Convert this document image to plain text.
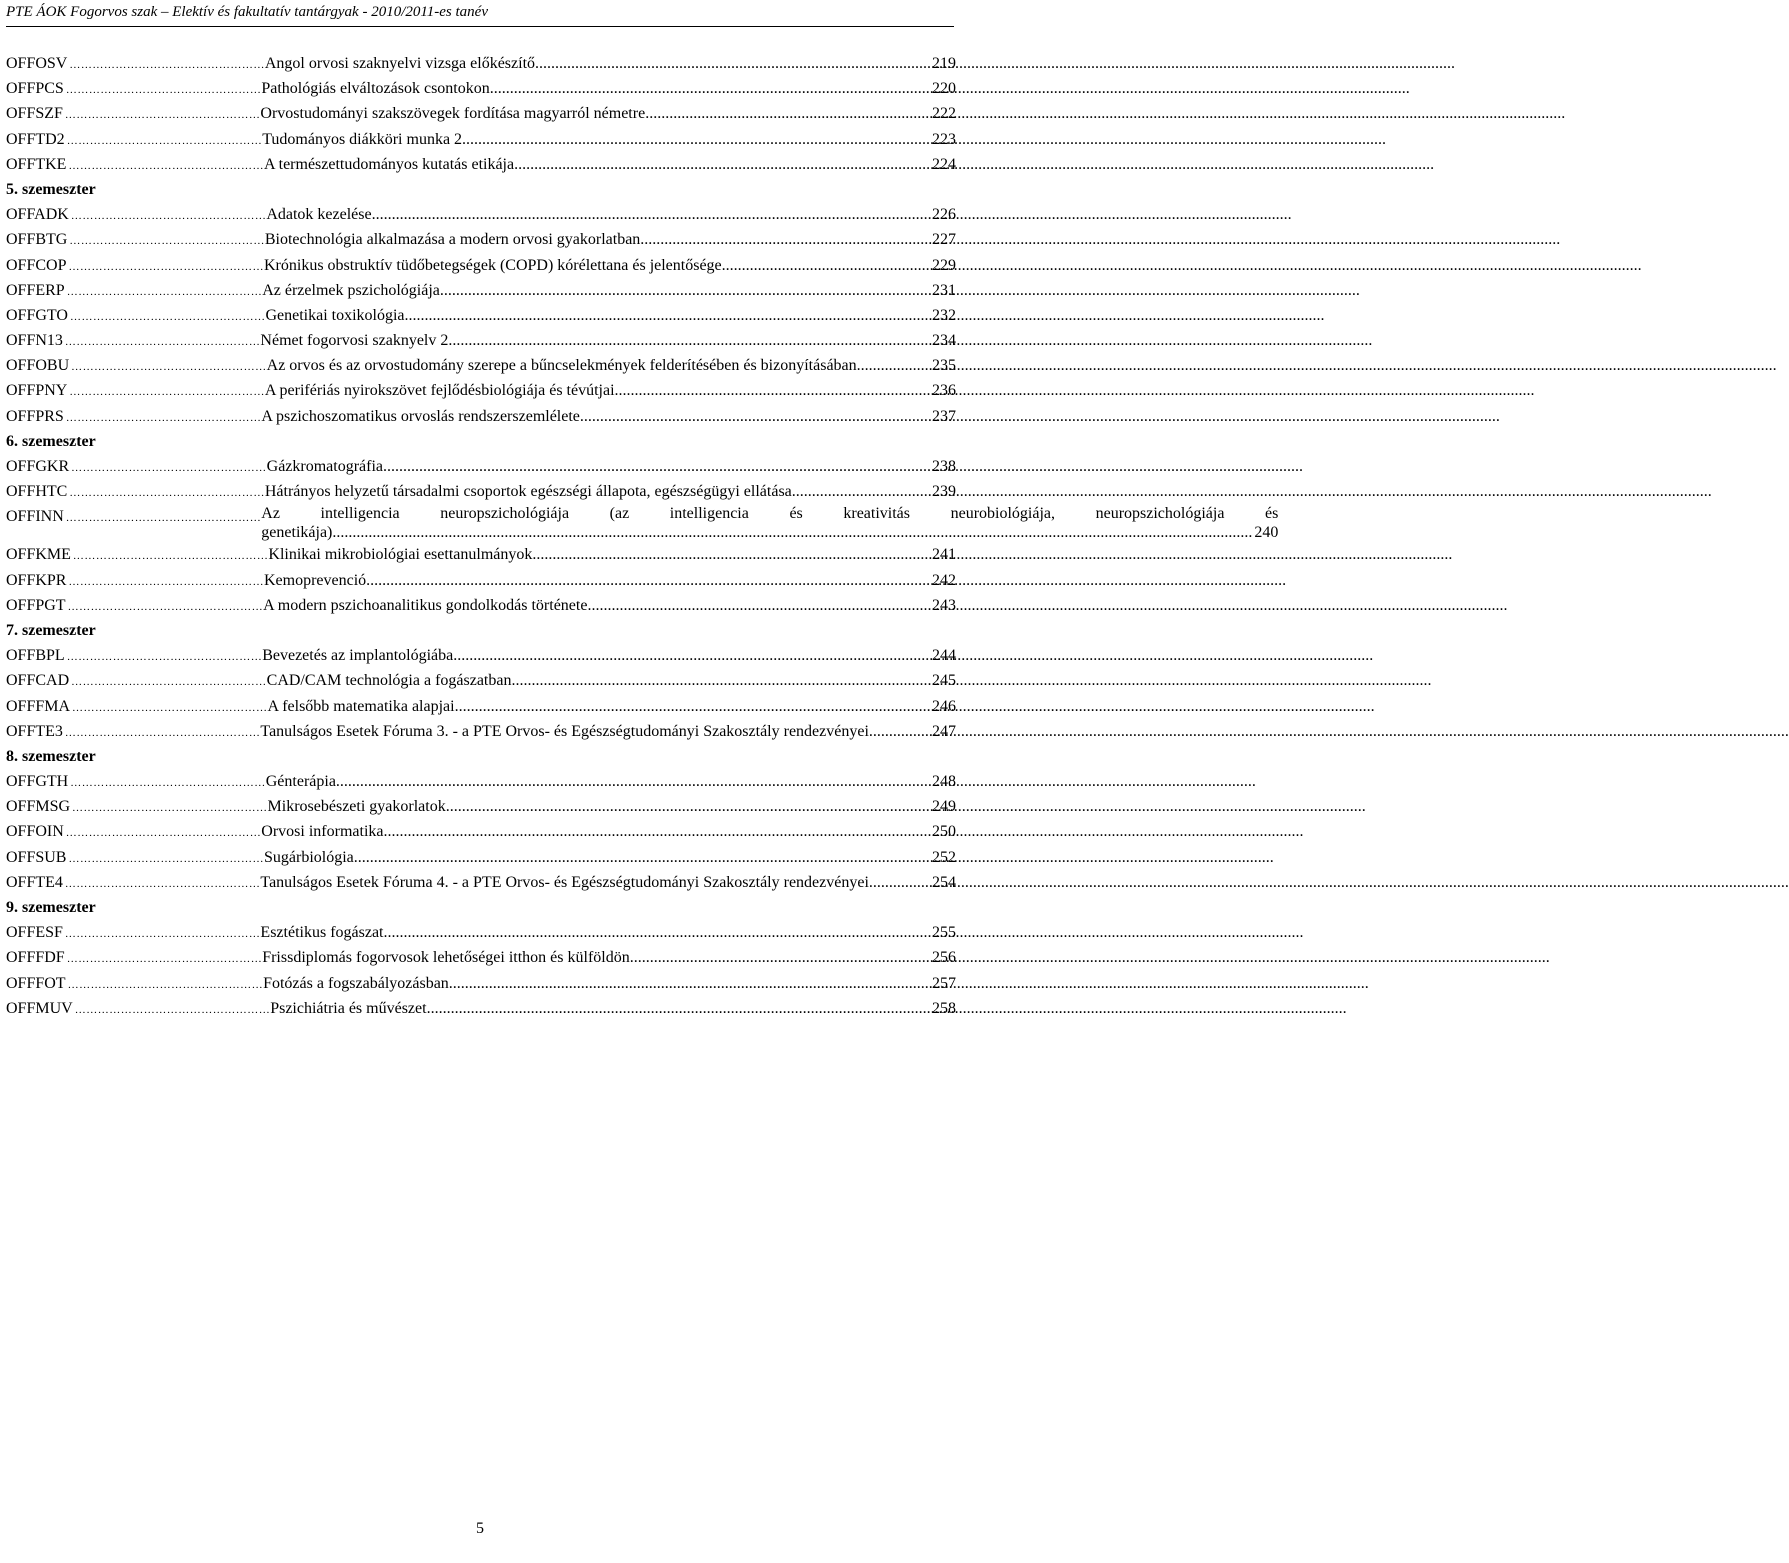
PTE ÁOK Fogorvos szak – Elektív és fakultatív tantárgyak - 2010/2011-es tanév
OFFOSV ……………………………………………	Angol orvosi szaknyelvi vizsga előkészítő .....	219
OFFPCS ……………………………………………	Pathológiás elváltozások csontokon .....	220
OFFSZF ……………………………………………	Orvostudományi szakszövegek fordítása magyarról németre .....	222
OFFTD2 ……………………………………………	Tudományos diákköri munka 2. .....	223
OFFTKE ……………………………………………	A természettudományos kutatás etikája .....	224
5. szemeszter
OFFADK ……………………………………………	Adatok kezelése .....	226
OFFBTG ……………………………………………	Biotechnológia alkalmazása a modern orvosi gyakorlatban .....	227
OFFCOP ……………………………………………	Krónikus obstruktív tüdőbetegségek (COPD) kórélettana és jelentősége .....	229
OFFERP ……………………………………………	Az érzelmek pszichológiája .....	231
OFFGTO ……………………………………………	Genetikai toxikológia .....	232
OFFN13 ……………………………………………	Német fogorvosi szaknyelv 2. .....	234
OFFOBU ……………………………………………	Az orvos és az orvostudomány szerepe a bűncselekmények felderítésében és bizonyításában .....	235
OFFPNY ……………………………………………	A perifériás nyirokszövet fejlődésbiológiája és tévútjai .....	236
OFFPRS ……………………………………………	A pszichoszomatikus orvoslás rendszerszemlélete .....	237
6. szemeszter
OFFGKR ……………………………………………	Gázkromatográfia .....	238
OFFHTC ……………………………………………	Hátrányos helyzetű társadalmi csoportok egészségi állapota, egészségügyi ellátása .....	239
OFFINN ……………………………………………	Az intelligencia neuropszichológiája (az intelligencia és kreativitás neurobiológiája, neuropszichológiája és
genetikája) .....	240
OFFKME ……………………………………………	Klinikai mikrobiológiai esettanulmányok .....	241
OFFKPR ……………………………………………	Kemoprevenció .....	242
OFFPGT ……………………………………………	A modern pszichoanalitikus gondolkodás története .....	243
7. szemeszter
OFFBPL ……………………………………………	Bevezetés az implantológiába .....	244
OFFCAD ……………………………………………	CAD/CAM technológia a fogászatban .....	245
OFFFMA ……………………………………………	A felsőbb matematika alapjai .....	246
OFFTE3 ……………………………………………	Tanulságos Esetek Fóruma 3. - a PTE Orvos- és Egészségtudományi Szakosztály rendezvényei .....	247
8. szemeszter
OFFGTH ……………………………………………	Génterápia .....	248
OFFMSG ……………………………………………	Mikrosebészeti gyakorlatok .....	249
OFFOIN ……………………………………………	Orvosi informatika .....	250
OFFSUB ……………………………………………	Sugárbiológia .....	252
OFFTE4 ……………………………………………	Tanulságos Esetek Fóruma 4. - a PTE Orvos- és Egészségtudományi Szakosztály rendezvényei .....	254
9. szemeszter
OFFESF ……………………………………………	Esztétikus fogászat .....	255
OFFFDF ……………………………………………	Frissdiplomás fogorvosok lehetőségei itthon és külföldön .....	256
OFFFOT ……………………………………………	Fotózás a fogszabályozásban .....	257
OFFMUV ……………………………………………	Pszichiátria és művészet .....	258
5
